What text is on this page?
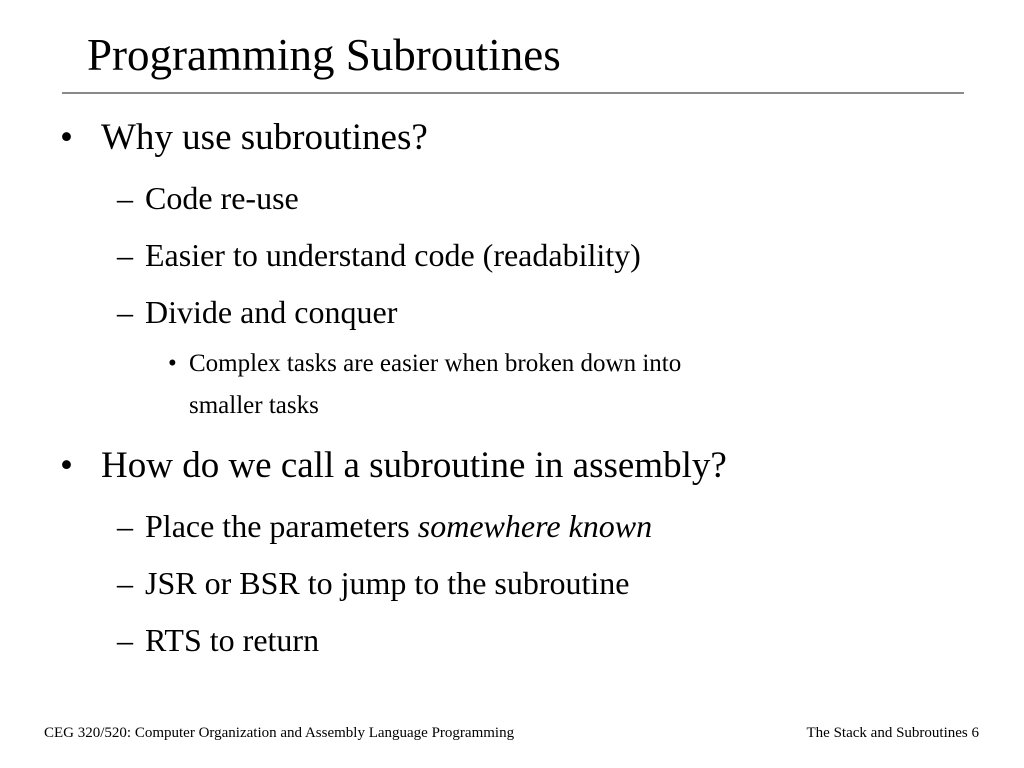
Programming Subroutines
• Why use subroutines?
– Code re-use
– Easier to understand code (readability)
– Divide and conquer
• Complex tasks are easier when broken down into
smaller tasks
• How do we call a subroutine in assembly?
– Place the parameters somewhere known
– JSR or BSR to jump to the subroutine
– RTS to return
CEG 320/520: Computer Organization and Assembly Language Programming	The Stack and Subroutines 6
